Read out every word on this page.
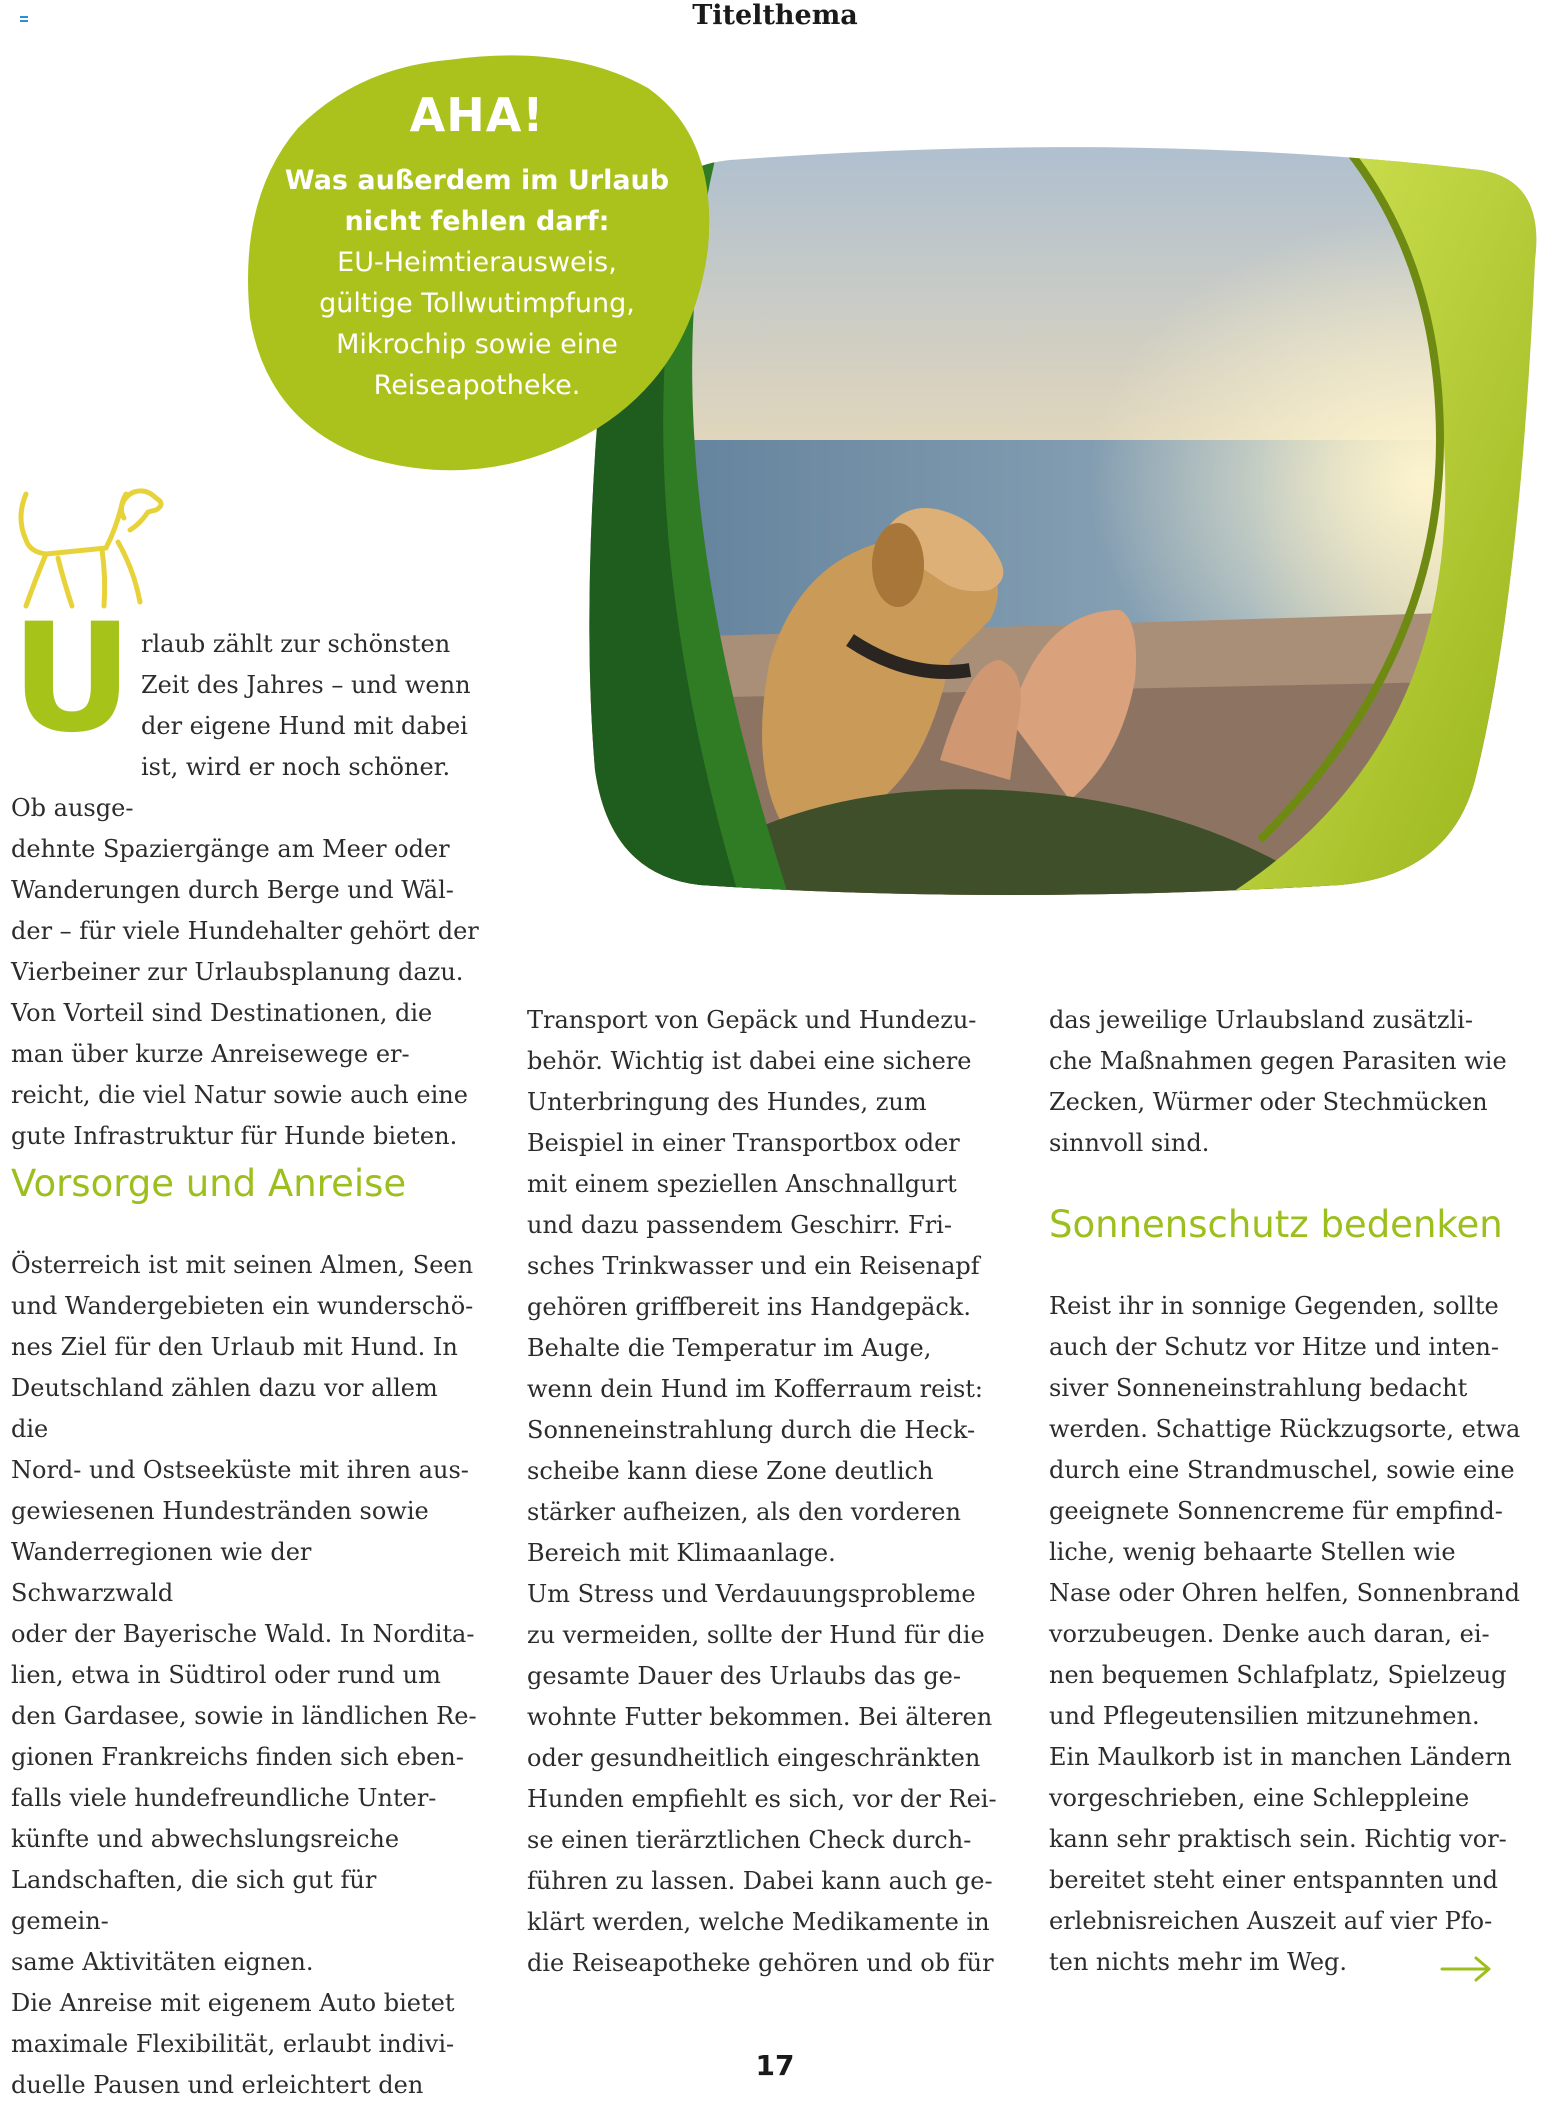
Titelthema
AHA!
Was außerdem im Urlaub
nicht fehlen darf:
EU-Heimtierausweis,
gültige Tollwutimpfung,
Mikrochip sowie eine
Reiseapotheke.
U rlaub zählt zur schönsten
Zeit des Jahres – und wenn
der eigene Hund mit dabei
ist, wird er noch schöner. Ob ausge-
dehnte Spaziergänge am Meer oder
Wanderungen durch Berge und Wäl-
der – für viele Hundehalter gehört der
Vierbeiner zur Urlaubsplanung dazu.
Von Vorteil sind Destinationen, die
man über kurze Anreisewege er-
reicht, die viel Natur sowie auch eine
gute Infrastruktur für Hunde bieten.

Vorsorge und Anreise

Österreich ist mit seinen Almen, Seen
und Wandergebieten ein wunderschö-
nes Ziel für den Urlaub mit Hund. In
Deutschland zählen dazu vor allem die
Nord- und Ostseeküste mit ihren aus-
gewiesenen Hundestränden sowie
Wanderregionen wie der Schwarzwald
oder der Bayerische Wald. In Nordita-
lien, etwa in Südtirol oder rund um
den Gardasee, sowie in ländlichen Re-
gionen Frankreichs finden sich eben-
falls viele hundefreundliche Unter-
künfte und abwechslungsreiche
Landschaften, die sich gut für gemein-
same Aktivitäten eignen.
Die Anreise mit eigenem Auto bietet
maximale Flexibilität, erlaubt indivi-
duelle Pausen und erleichtert den

Transport von Gepäck und Hundezu-
behör. Wichtig ist dabei eine sichere
Unterbringung des Hundes, zum
Beispiel in einer Transportbox oder
mit einem speziellen Anschnallgurt
und dazu passendem Geschirr. Fri-
sches Trinkwasser und ein Reisenapf
gehören griffbereit ins Handgepäck.
Behalte die Temperatur im Auge,
wenn dein Hund im Kofferraum reist:
Sonneneinstrahlung durch die Heck-
scheibe kann diese Zone deutlich
stärker aufheizen, als den vorderen
Bereich mit Klimaanlage.
Um Stress und Verdauungsprobleme
zu vermeiden, sollte der Hund für die
gesamte Dauer des Urlaubs das ge-
wohnte Futter bekommen. Bei älteren
oder gesundheitlich eingeschränkten
Hunden empfiehlt es sich, vor der Rei-
se einen tierärztlichen Check durch-
führen zu lassen. Dabei kann auch ge-
klärt werden, welche Medikamente in
die Reiseapotheke gehören und ob für

das jeweilige Urlaubsland zusätzli-
che Maßnahmen gegen Parasiten wie
Zecken, Würmer oder Stechmücken
sinnvoll sind.

Sonnenschutz bedenken

Reist ihr in sonnige Gegenden, sollte
auch der Schutz vor Hitze und inten-
siver Sonneneinstrahlung bedacht
werden. Schattige Rückzugsorte, etwa
durch eine Strandmuschel, sowie eine
geeignete Sonnencreme für empfind-
liche, wenig behaarte Stellen wie
Nase oder Ohren helfen, Sonnenbrand
vorzubeugen. Denke auch daran, ei-
nen bequemen Schlafplatz, Spielzeug
und Pflegeutensilien mitzunehmen.
Ein Maulkorb ist in manchen Ländern
vorgeschrieben, eine Schleppleine
kann sehr praktisch sein. Richtig vor-
bereitet steht einer entspannten und
erlebnisreichen Auszeit auf vier Pfo-
ten nichts mehr im Weg.

17
